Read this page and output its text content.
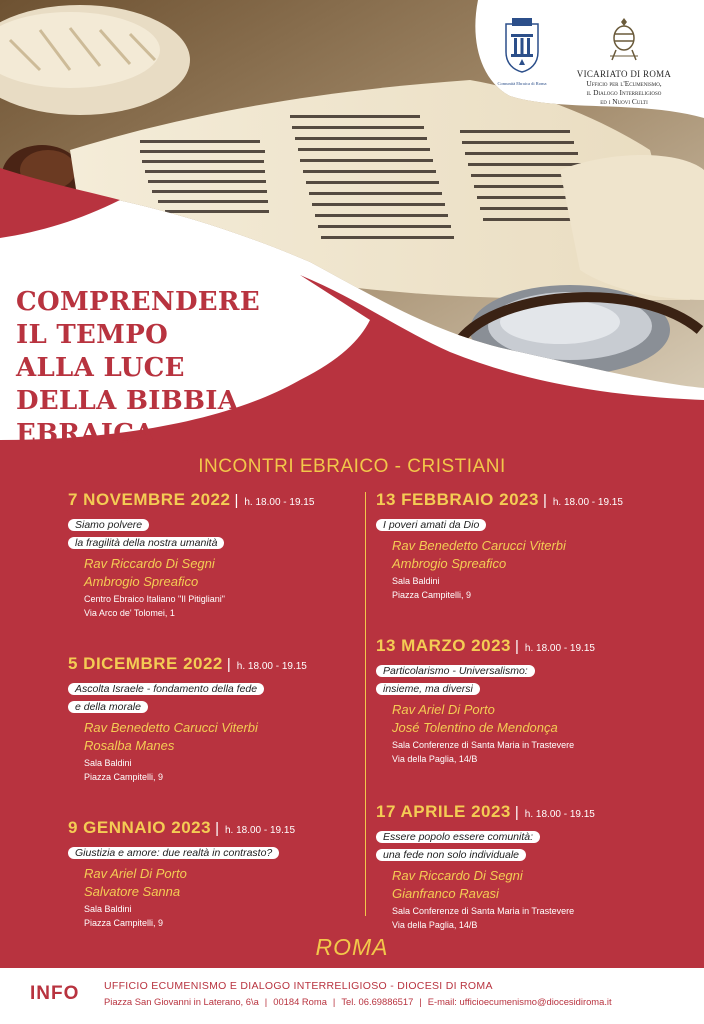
Comunità Ebraica di Roma
VICARIATO DI ROMA
Ufficio per l'Ecumenismo,
il Dialogo Interreligioso
ed i Nuovi Culti
COMPRENDERE
IL TEMPO
ALLA LUCE
DELLA BIBBIA
EBRAICA
INCONTRI EBRAICO - CRISTIANI
7 NOVEMBRE 2022 | h. 18.00 - 19.15
Siamo polvere
la fragilità della nostra umanità
Rav Riccardo Di Segni
Ambrogio Spreafico
Centro Ebraico Italiano "Il Pitigliani"
Via Arco de' Tolomei, 1
5 DICEMBRE 2022 | h. 18.00 - 19.15
Ascolta Israele - fondamento della fede
e della morale
Rav Benedetto Carucci Viterbi
Rosalba Manes
Sala Baldini
Piazza Campitelli, 9
9 GENNAIO 2023 | h. 18.00 - 19.15
Giustizia e amore: due realtà in contrasto?
Rav Ariel Di Porto
Salvatore Sanna
Sala Baldini
Piazza Campitelli, 9
13 FEBBRAIO 2023 | h. 18.00 - 19.15
I poveri amati da Dio
Rav Benedetto Carucci Viterbi
Ambrogio Spreafico
Sala Baldini
Piazza Campitelli, 9
13 MARZO 2023 | h. 18.00 - 19.15
Particolarismo - Universalismo:
insieme, ma diversi
Rav Ariel Di Porto
José Tolentino de Mendonça
Sala Conferenze di Santa Maria in Trastevere
Via della Paglia, 14/B
17 APRILE 2023 | h. 18.00 - 19.15
Essere popolo essere comunità:
una fede non solo individuale
Rav Riccardo Di Segni
Gianfranco Ravasi
Sala Conferenze di Santa Maria in Trastevere
Via della Paglia, 14/B
ROMA
INFO UFFICIO ECUMENISMO E DIALOGO INTERRELIGIOSO - DIOCESI DI ROMA
Piazza San Giovanni in Laterano, 6\a | 00184 Roma | Tel. 06.69886517 | E-mail: ufficioecumenismo@diocesidiroma.it
